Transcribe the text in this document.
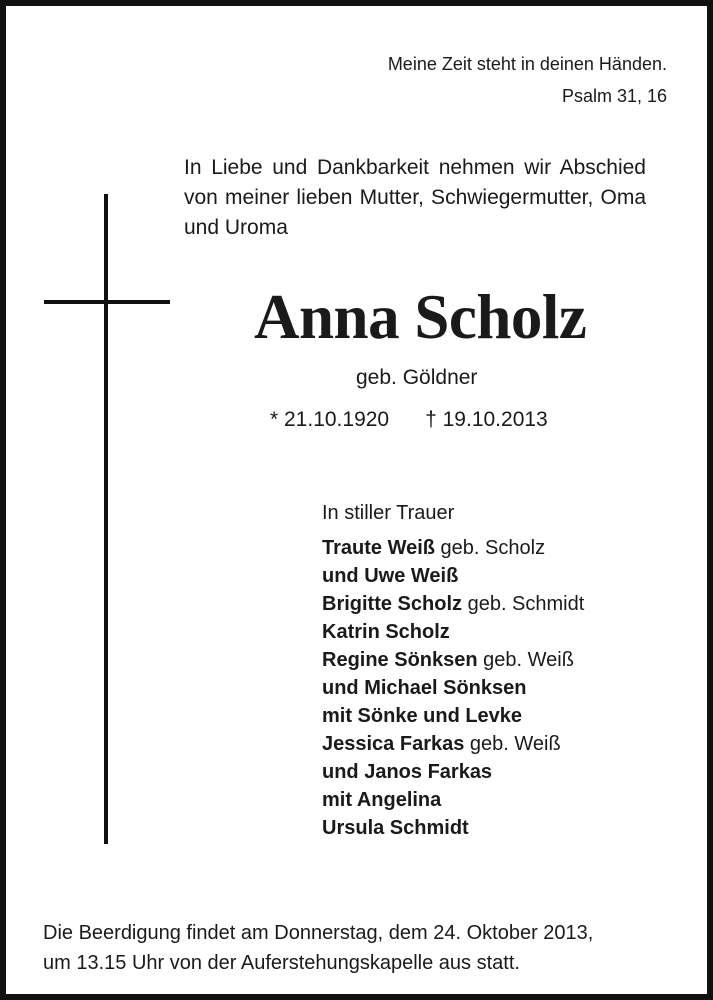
Meine Zeit steht in deinen Händen.
Psalm 31, 16
In Liebe und Dankbarkeit nehmen wir Abschied von meiner lieben Mutter, Schwiegermutter, Oma und Uroma
Anna Scholz
geb. Göldner
* 21.10.1920 † 19.10.2013
In stiller Trauer
Traute Weiß geb. Scholz
und Uwe Weiß
Brigitte Scholz geb. Schmidt
Katrin Scholz
Regine Sönksen geb. Weiß
und Michael Sönksen
mit Sönke und Levke
Jessica Farkas geb. Weiß
und Janos Farkas
mit Angelina
Ursula Schmidt
Die Beerdigung findet am Donnerstag, dem 24. Oktober 2013,
um 13.15 Uhr von der Auferstehungskapelle aus statt.
